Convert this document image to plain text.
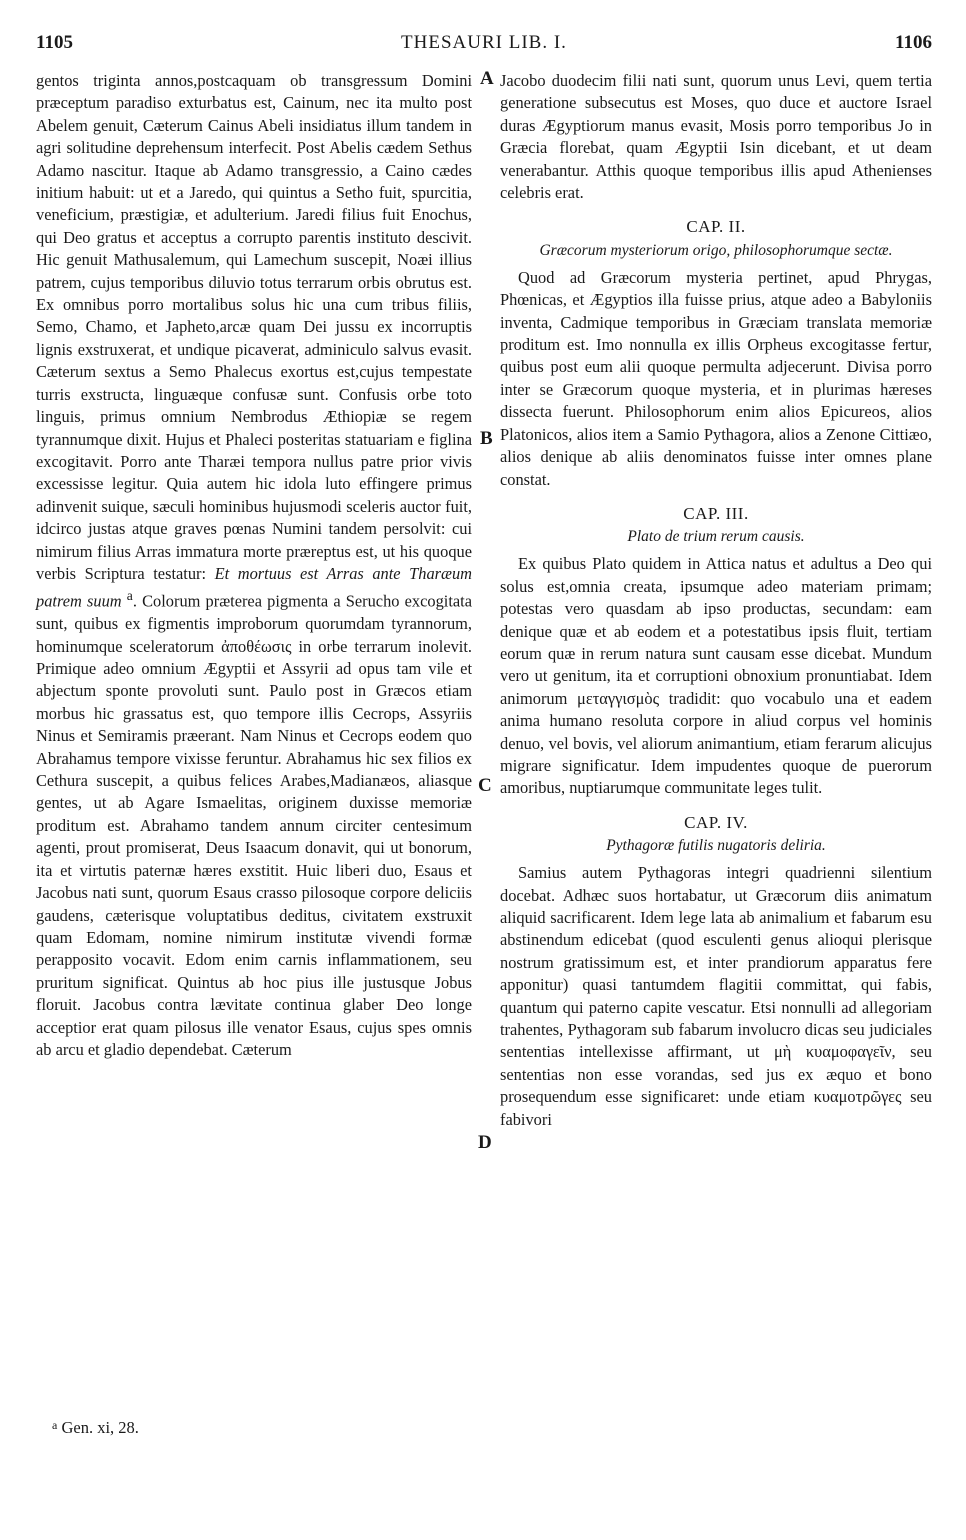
1105	THESAURI LIB. I.	1106
A
B
C
D

gentos triginta annos,postcaquam ob transgressum Domini præceptum paradiso exturbatus est, Cainum, nec ita multo post Abelem genuit, Cæterum Cainus Abeli insidiatus illum tandem in agri solitudine deprehensum interfecit. Post Abelis cædem Sethus Adamo nascitur. Itaque ab Adamo transgressio, a Caino cædes initium habuit: ut et a Jaredo, qui quintus a Setho fuit, spurcitia, veneficium, præstigiæ, et adulterium. Jaredi filius fuit Enochus, qui Deo gratus et acceptus a corrupto parentis instituto descivit. Hic genuit Mathusalemum, qui Lamechum suscepit, Noæi illius patrem, cujus temporibus diluvio totus terrarum orbis obrutus est. Ex omnibus porro mortalibus solus hic una cum tribus filiis, Semo, Chamo, et Japheto,arcæ quam Dei jussu ex incorruptis lignis exstruxerat, et undique picaverat, adminiculo salvus evasit. Cæterum sextus a Semo Phalecus exortus est,cujus tempestate turris exstructa, linguæque confusæ sunt. Confusis orbe toto linguis, primus omnium Nembrodus Æthiopiæ se regem tyrannumque dixit. Hujus et Phaleci posteritas statuariam e figlina excogitavit. Porro ante Tharæi tempora nullus patre prior vivis excessisse legitur. Quia autem hic idola luto effingere primus adinvenit suique, sæculi hominibus hujusmodi sceleris auctor fuit, idcirco justas atque graves pœnas Numini tandem persolvit: cui nimirum filius Arras immatura morte præreptus est, ut his quoque verbis Scriptura testatur: Et mortuus est Arras ante Tharæum patrem suum $^a$. Colorum præterea pigmenta a Serucho excogitata sunt, quibus ex figmentis improborum quorumdam tyrannorum, hominumque sceleratorum ἀποθέωσις in orbe terrarum inolevit. Primique adeo omnium Ægyptii et Assyrii ad opus tam vile et abjectum sponte provoluti sunt. Paulo post in Græcos etiam morbus hic grassatus est, quo tempore illis Cecrops, Assyriis Ninus et Semiramis præerant. Nam Ninus et Cecrops eodem quo Abrahamus tempore vixisse feruntur. Abrahamus hic sex filios ex Cethura suscepit, a quibus felices Arabes,Madianæos, aliasque gentes, ut ab Agare Ismaelitas, originem duxisse memoriæ proditum est. Abrahamo tandem annum circiter centesimum agenti, prout promiserat, Deus Isaacum donavit, qui ut bonorum, ita et virtutis paternæ hæres exstitit. Huic liberi duo, Esaus et Jacobus nati sunt, quorum Esaus crasso pilosoque corpore deliciis gaudens, cæterisque voluptatibus deditus, civitatem exstruxit quam Edomam, nomine nimirum institutæ vivendi formæ perapposito vocavit. Edom enim carnis inflammationem, seu pruritum significat. Quintus ab hoc pius ille justusque Jobus floruit. Jacobus contra lævitate continua glaber Deo longe acceptior erat quam pilosus ille venator Esaus, cujus spes omnis ab arcu et gladio dependebat. Cæterum

Jacobo duodecim filii nati sunt, quorum unus Levi, quem tertia generatione subsecutus est Moses, quo duce et auctore Israel duras Ægyptiorum manus evasit, Mosis porro temporibus Jo in Græcia florebat, quam Ægyptii Isin dicebant, et ut deam venerabantur. Atthis quoque temporibus illis apud Athenienses celebris erat.

CAP. II.
Græcorum mysteriorum origo, philosophorumque sectæ.

Quod ad Græcorum mysteria pertinet, apud Phrygas, Phœnicas, et Ægyptios illa fuisse prius, atque adeo a Babyloniis inventa, Cadmique temporibus in Græciam translata memoriæ proditum est. Imo nonnulla ex illis Orpheus excogitasse fertur, quibus post eum alii quoque permulta adjecerunt. Divisa porro inter se Græcorum quoque mysteria, et in plurimas hæreses dissecta fuerunt. Philosophorum enim alios Epicureos, alios Platonicos, alios item a Samio Pythagora, alios a Zenone Cittiæo, alios denique ab aliis denominatos fuisse inter omnes plane constat.

CAP. III.
Plato de trium rerum causis.

Ex quibus Plato quidem in Attica natus et adultus a Deo qui solus est,omnia creata, ipsumque adeo materiam primam; potestas vero quasdam ab ipso productas, secundam: eam denique quæ et ab eodem et a potestatibus ipsis fluit, tertiam eorum quæ in rerum natura sunt causam esse dicebat. Mundum vero ut genitum, ita et corruptioni obnoxium pronuntiabat. Idem animorum μεταγγισμὸς tradidit: quo vocabulo una et eadem anima humano resoluta corpore in aliud corpus vel hominis denuo, vel bovis, vel aliorum animantium, etiam ferarum alicujus migrare significatur. Idem impudentes quoque de puerorum amoribus, nuptiarumque communitate leges tulit.

CAP. IV.
Pythagoræ futilis nugatoris deliria.

Samius autem Pythagoras integri quadrienni silentium docebat. Adhæc suos hortabatur, ut Græcorum diis animatum aliquid sacrificarent. Idem lege lata ab animalium et fabarum esu abstinendum edicebat (quod esculenti genus alioqui plerisque nostrum gratissimum est, et inter prandiorum apparatus fere apponitur) quasi tantumdem flagitii committat, qui fabis, quantum qui paterno capite vescatur. Etsi nonnulli ad allegoriam trahentes, Pythagoram sub fabarum involucro dicas seu judiciales sententias intellexisse affirmant, ut μὴ κυαμοφαγεῖν, seu sententias non esse vorandas, sed jus ex æquo et bono prosequendum esse significaret: unde etiam κυαμοτρῶγες seu fabivori

$^a$ Gen. xi, 28.
